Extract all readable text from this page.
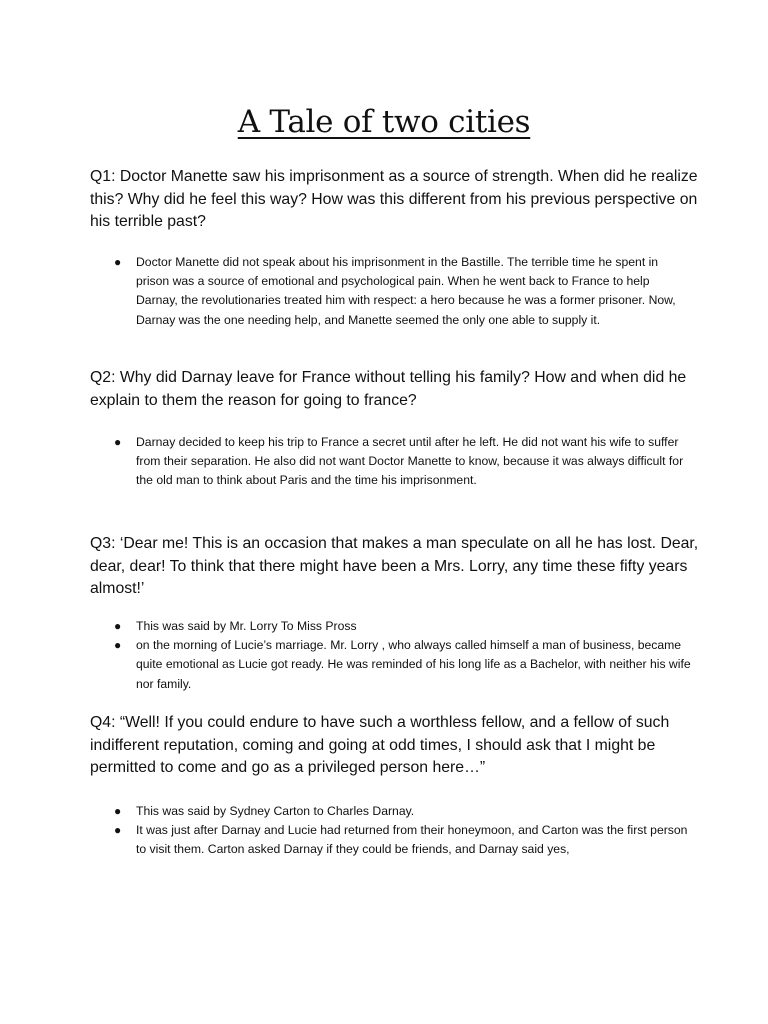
A Tale of two cities
Q1: Doctor Manette saw his imprisonment as a source of strength. When did he realize this? Why did he feel this way? How was this different from his previous perspective on his terrible past?
● Doctor Manette did not speak about his imprisonment in the Bastille. The terrible time he spent in prison was a source of emotional and psychological pain. When he went back to France to help Darnay, the revolutionaries treated him with respect: a hero because he was a former prisoner. Now, Darnay was the one needing help, and Manette seemed the only one able to supply it.
Q2: Why did Darnay leave for France without telling his family? How and when did he explain to them the reason for going to france?
● Darnay decided to keep his trip to France a secret until after he left. He did not want his wife to suffer from their separation. He also did not want Doctor Manette to know, because it was always difficult for the old man to think about Paris and the time his imprisonment.
Q3: ‘Dear me! This is an occasion that makes a man speculate on all he has lost. Dear, dear, dear! To think that there might have been a Mrs. Lorry, any time these fifty years almost!’
● This was said by Mr. Lorry To Miss Pross
● on the morning of Lucie’s marriage. Mr. Lorry , who always called himself a man of business, became quite emotional as Lucie got ready. He was reminded of his long life as a Bachelor, with neither his wife nor family.
Q4: “Well! If you could endure to have such a worthless fellow, and a fellow of such indifferent reputation, coming and going at odd times, I should ask that I might be permitted to come and go as a privileged person here…”
● This was said by Sydney Carton to Charles Darnay.
● It was just after Darnay and Lucie had returned from their honeymoon, and Carton was the first person to visit them. Carton asked Darnay if they could be friends, and Darnay said yes,
